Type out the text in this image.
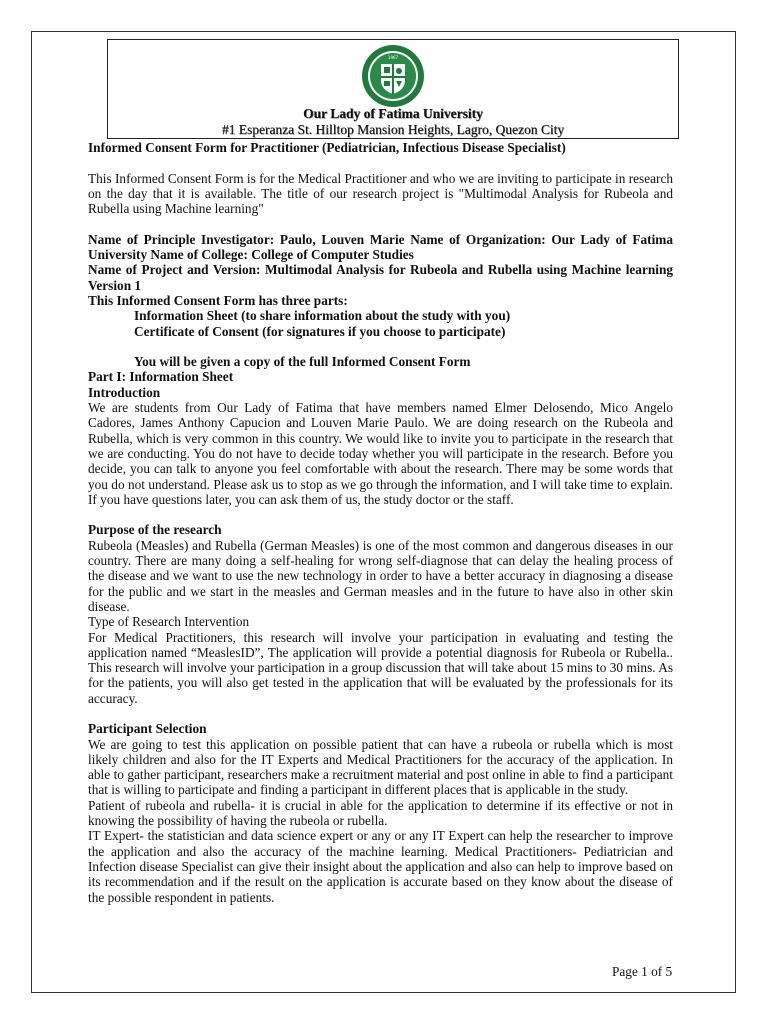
1967
Our Lady of Fatima University
#1 Esperanza St. Hilltop Mansion Heights, Lagro, Quezon City

Informed Consent Form for Practitioner (Pediatrician, Infectious Disease Specialist)

This Informed Consent Form is for the Medical Practitioner and who we are inviting to participate in research on the day that it is available. The title of our research project is "Multimodal Analysis for Rubeola and Rubella using Machine learning"

Name of Principle Investigator: Paulo, Louven Marie Name of Organization: Our Lady of Fatima University Name of College: College of Computer Studies

Name of Project and Version: Multimodal Analysis for Rubeola and Rubella using Machine learning Version 1

This Informed Consent Form has three parts:

Information Sheet (to share information about the study with you)

Certificate of Consent (for signatures if you choose to participate)

You will be given a copy of the full Informed Consent Form

Part I: Information Sheet

Introduction

We are students from Our Lady of Fatima that have members named Elmer Delosendo, Mico Angelo Cadores, James Anthony Capucion and Louven Marie Paulo. We are doing research on the Rubeola and Rubella, which is very common in this country. We would like to invite you to participate in the research that we are conducting. You do not have to decide today whether you will participate in the research. Before you decide, you can talk to anyone you feel comfortable with about the research. There may be some words that you do not understand. Please ask us to stop as we go through the information, and I will take time to explain. If you have questions later, you can ask them of us, the study doctor or the staff.

Purpose of the research

Rubeola (Measles) and Rubella (German Measles) is one of the most common and dangerous diseases in our country. There are many doing a self-healing for wrong self-diagnose that can delay the healing process of the disease and we want to use the new technology in order to have a better accuracy in diagnosing a disease for the public and we start in the measles and German measles and in the future to have also in other skin disease.

Type of Research Intervention

For Medical Practitioners, this research will involve your participation in evaluating and testing the application named “MeaslesID”, The application will provide a potential diagnosis for Rubeola or Rubella.. This research will involve your participation in a group discussion that will take about 15 mins to 30 mins. As for the patients, you will also get tested in the application that will be evaluated by the professionals for its accuracy.

Participant Selection

We are going to test this application on possible patient that can have a rubeola or rubella which is most likely children and also for the IT Experts and Medical Practitioners for the accuracy of the application. In able to gather participant, researchers make a recruitment material and post online in able to find a participant that is willing to participate and finding a participant in different places that is applicable in the study.

Patient of rubeola and rubella- it is crucial in able for the application to determine if its effective or not in knowing the possibility of having the rubeola or rubella.

IT Expert- the statistician and data science expert or any or any IT Expert can help the researcher to improve the application and also the accuracy of the machine learning. Medical Practitioners- Pediatrician and Infection disease Specialist can give their insight about the application and also can help to improve based on its recommendation and if the result on the application is accurate based on they know about the disease of the possible respondent in patients.

Page 1 of 5
